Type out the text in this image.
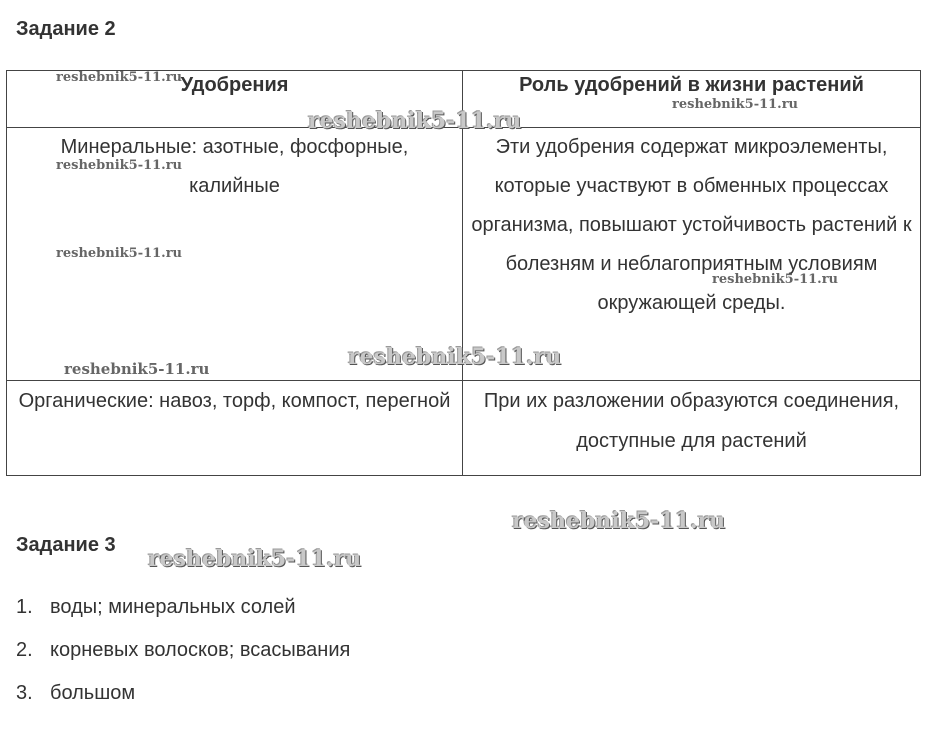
Задание 2
Удобрения	Роль удобрений в жизни растений
Минеральные: азотные, фосфорные, калийные	Эти удобрения содержат микроэлементы, которые участвуют в обменных процессах организма, повышают устойчивость растений к болезням и неблагоприятным условиям окружающей среды.
Органические: навоз, торф, компост, перегной	При их разложении образуются соединения, доступные для растений
Задание 3
1. воды; минеральных солей
2. корневых волосков; всасывания
3. большом
reshebnik5-11.ru
reshebnik5-11.ru
reshebnik5-11.ru
reshebnik5-11.ru
reshebnik5-11.ru
reshebnik5-11.ru
reshebnik5-11.ru
reshebnik5-11.ru
reshebnik5-11.ru
reshebnik5-11.ru
